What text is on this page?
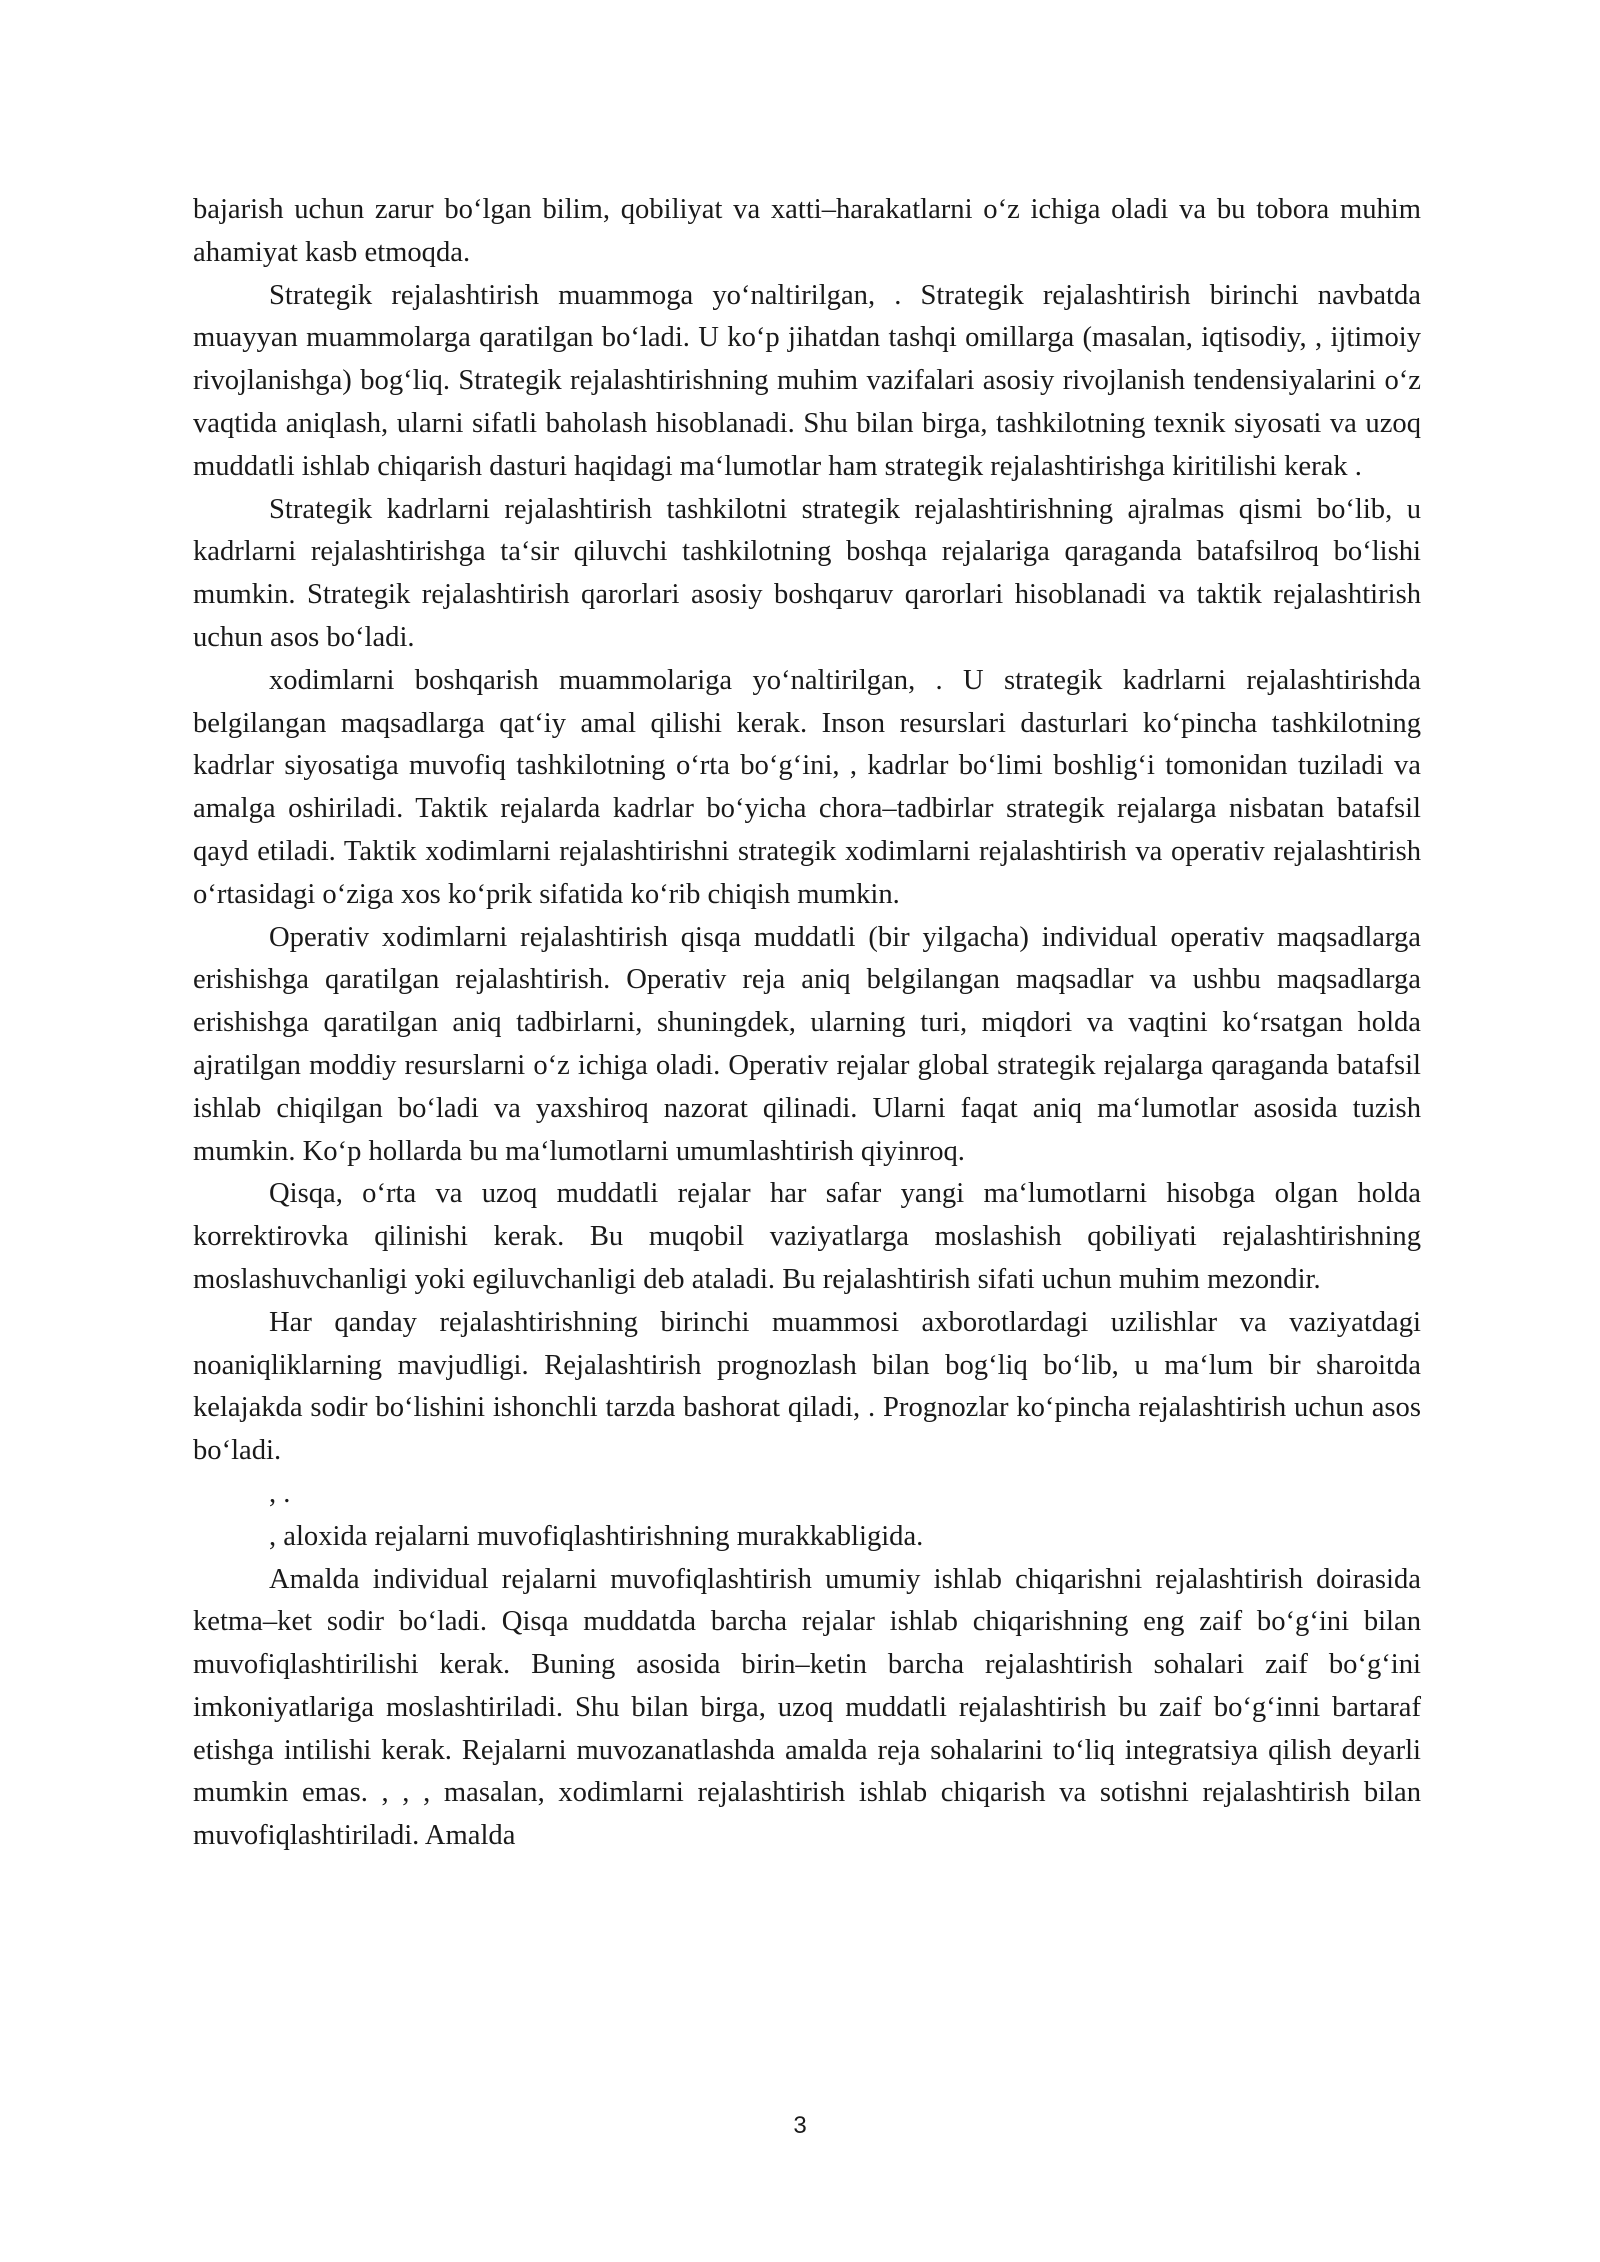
bajarish uchun zarur bo‘lgan bilim, qobiliyat va xatti–harakatlarni o‘z ichiga oladi va bu tobora muhim ahamiyat kasb etmoqda.

Strategik rejalashtirish muammoga yo‘naltirilgan, . Strategik rejalashtirish birinchi navbatda muayyan muammolarga qaratilgan bo‘ladi. U ko‘p jihatdan tashqi omillarga (masalan, iqtisodiy, , ijtimoiy rivojlanishga) bog‘liq. Strategik rejalashtirishning muhim vazifalari asosiy rivojlanish tendensiyalarini o‘z vaqtida aniqlash, ularni sifatli baholash hisoblanadi. Shu bilan birga, tashkilotning texnik siyosati va uzoq muddatli ishlab chiqarish dasturi haqidagi ma‘lumotlar ham strategik rejalashtirishga kiritilishi kerak .

Strategik kadrlarni rejalashtirish tashkilotni strategik rejalashtirishning ajralmas qismi bo‘lib, u kadrlarni rejalashtirishga ta‘sir qiluvchi tashkilotning boshqa rejalariga qaraganda batafsilroq bo‘lishi mumkin. Strategik rejalashtirish qarorlari asosiy boshqaruv qarorlari hisoblanadi va taktik rejalashtirish uchun asos bo‘ladi.

xodimlarni boshqarish muammolariga yo‘naltirilgan, . U strategik kadrlarni rejalashtirishda belgilangan maqsadlarga qat‘iy amal qilishi kerak. Inson resurslari dasturlari ko‘pincha tashkilotning kadrlar siyosatiga muvofiq tashkilotning o‘rta bo‘g‘ini, , kadrlar bo‘limi boshlig‘i tomonidan tuziladi va amalga oshiriladi. Taktik rejalarda kadrlar bo‘yicha chora–tadbirlar strategik rejalarga nisbatan batafsil qayd etiladi. Taktik xodimlarni rejalashtirishni strategik xodimlarni rejalashtirish va operativ rejalashtirish o‘rtasidagi o‘ziga xos ko‘prik sifatida ko‘rib chiqish mumkin.

Operativ xodimlarni rejalashtirish qisqa muddatli (bir yilgacha) individual operativ maqsadlarga erishishga qaratilgan rejalashtirish. Operativ reja aniq belgilangan maqsadlar va ushbu maqsadlarga erishishga qaratilgan aniq tadbirlarni, shuningdek, ularning turi, miqdori va vaqtini ko‘rsatgan holda ajratilgan moddiy resurslarni o‘z ichiga oladi. Operativ rejalar global strategik rejalarga qaraganda batafsil ishlab chiqilgan bo‘ladi va yaxshiroq nazorat qilinadi. Ularni faqat aniq ma‘lumotlar asosida tuzish mumkin. Ko‘p hollarda bu ma‘lumotlarni umumlashtirish qiyinroq.

Qisqa, o‘rta va uzoq muddatli rejalar har safar yangi ma‘lumotlarni hisobga olgan holda korrektirovka qilinishi kerak. Bu muqobil vaziyatlarga moslashish qobiliyati rejalashtirishning moslashuvchanligi yoki egiluvchanligi deb ataladi. Bu rejalashtirish sifati uchun muhim mezondir.

Har qanday rejalashtirishning birinchi muammosi axborotlardagi uzilishlar va vaziyatdagi noaniqliklarning mavjudligi. Rejalashtirish prognozlash bilan bog‘liq bo‘lib, u ma‘lum bir sharoitda kelajakda sodir bo‘lishini ishonchli tarzda bashorat qiladi, . Prognozlar ko‘pincha rejalashtirish uchun asos bo‘ladi.

, .

, aloxida rejalarni muvofiqlashtirishning murakkabligida.

Amalda individual rejalarni muvofiqlashtirish umumiy ishlab chiqarishni rejalashtirish doirasida ketma–ket sodir bo‘ladi. Qisqa muddatda barcha rejalar ishlab chiqarishning eng zaif bo‘g‘ini bilan muvofiqlashtirilishi kerak. Buning asosida birin–ketin barcha rejalashtirish sohalari zaif bo‘g‘ini imkoniyatlariga moslashtiriladi. Shu bilan birga, uzoq muddatli rejalashtirish bu zaif bo‘g‘inni bartaraf etishga intilishi kerak. Rejalarni muvozanatlashda amalda reja sohalarini to‘liq integratsiya qilish deyarli mumkin emas. , , , masalan, xodimlarni rejalashtirish ishlab chiqarish va sotishni rejalashtirish bilan muvofiqlashtiriladi. Amalda

3
